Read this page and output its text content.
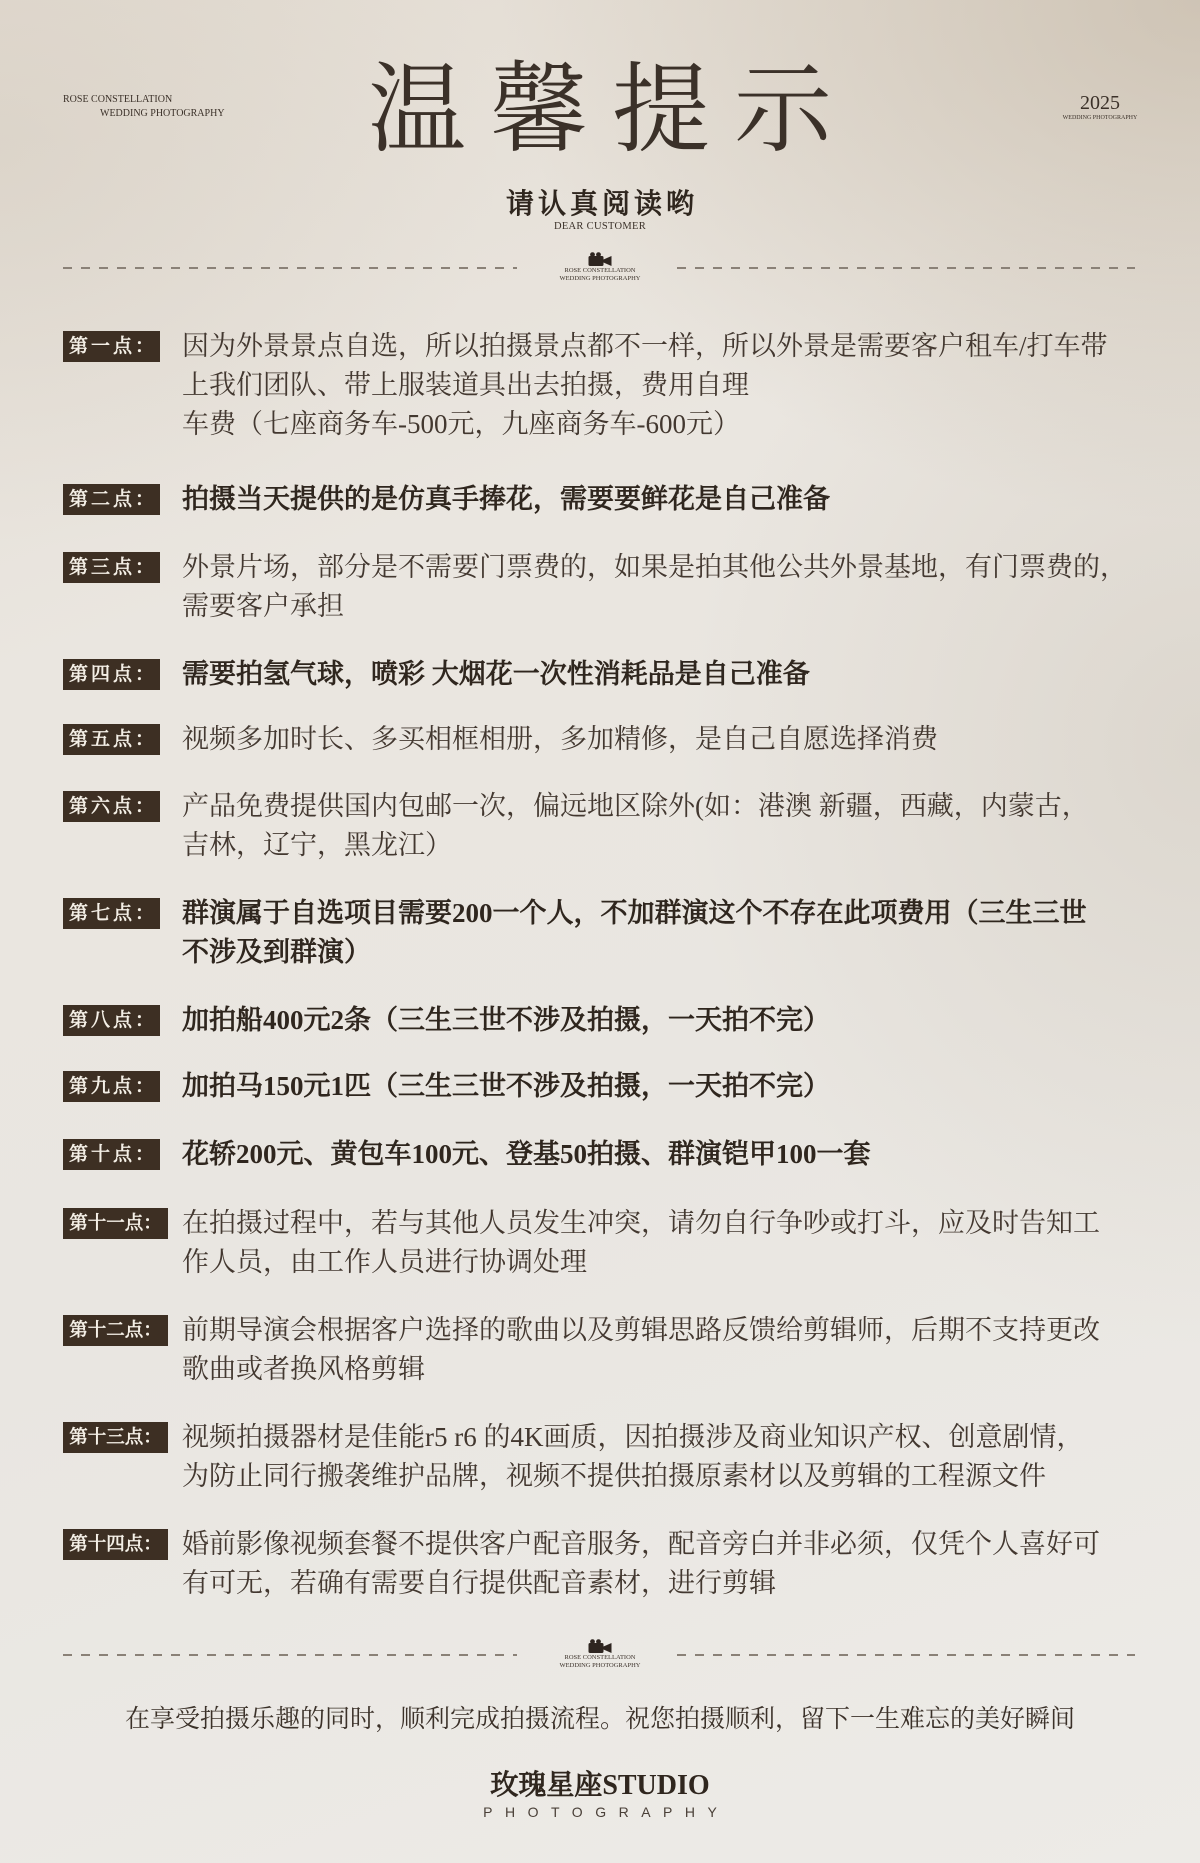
ROSE CONSTELLATION
WEDDING PHOTOGRAPHY	2025
WEDDING PHOTOGRAPHY
温馨提示
请认真阅读哟
DEAR CUSTOMER
ROSE CONSTELLATION
WEDDING PHOTOGRAPHY
第一点： 因为外景景点自选，所以拍摄景点都不一样，所以外景是需要客户租车/打车带
上我们团队、带上服装道具出去拍摄，费用自理
车费（七座商务车-500元，九座商务车-600元）
第二点： 拍摄当天提供的是仿真手捧花，需要要鲜花是自己准备
第三点： 外景片场，部分是不需要门票费的，如果是拍其他公共外景基地，有门票费的，
需要客户承担
第四点： 需要拍氢气球，喷彩 大烟花一次性消耗品是自己准备
第五点： 视频多加时长、多买相框相册，多加精修，是自己自愿选择消费
第六点： 产品免费提供国内包邮一次，偏远地区除外(如：港澳 新疆，西藏，内蒙古，
吉林，辽宁，黑龙江）
第七点： 群演属于自选项目需要200一个人，不加群演这个不存在此项费用（三生三世
不涉及到群演）
第八点： 加拍船400元2条（三生三世不涉及拍摄，一天拍不完）
第九点： 加拍马150元1匹（三生三世不涉及拍摄，一天拍不完）
第十点： 花轿200元、黄包车100元、登基50拍摄、群演铠甲100一套
第十一点： 在拍摄过程中，若与其他人员发生冲突，请勿自行争吵或打斗，应及时告知工
作人员，由工作人员进行协调处理
第十二点： 前期导演会根据客户选择的歌曲以及剪辑思路反馈给剪辑师，后期不支持更改
歌曲或者换风格剪辑
第十三点： 视频拍摄器材是佳能r5 r6 的4K画质，因拍摄涉及商业知识产权、创意剧情，
为防止同行搬袭维护品牌，视频不提供拍摄原素材以及剪辑的工程源文件
第十四点： 婚前影像视频套餐不提供客户配音服务，配音旁白并非必须，仅凭个人喜好可
有可无，若确有需要自行提供配音素材，进行剪辑
ROSE CONSTELLATION
WEDDING PHOTOGRAPHY
在享受拍摄乐趣的同时，顺利完成拍摄流程。祝您拍摄顺利，留下一生难忘的美好瞬间
玫瑰星座STUDIO
PHOTOGRAPHY
